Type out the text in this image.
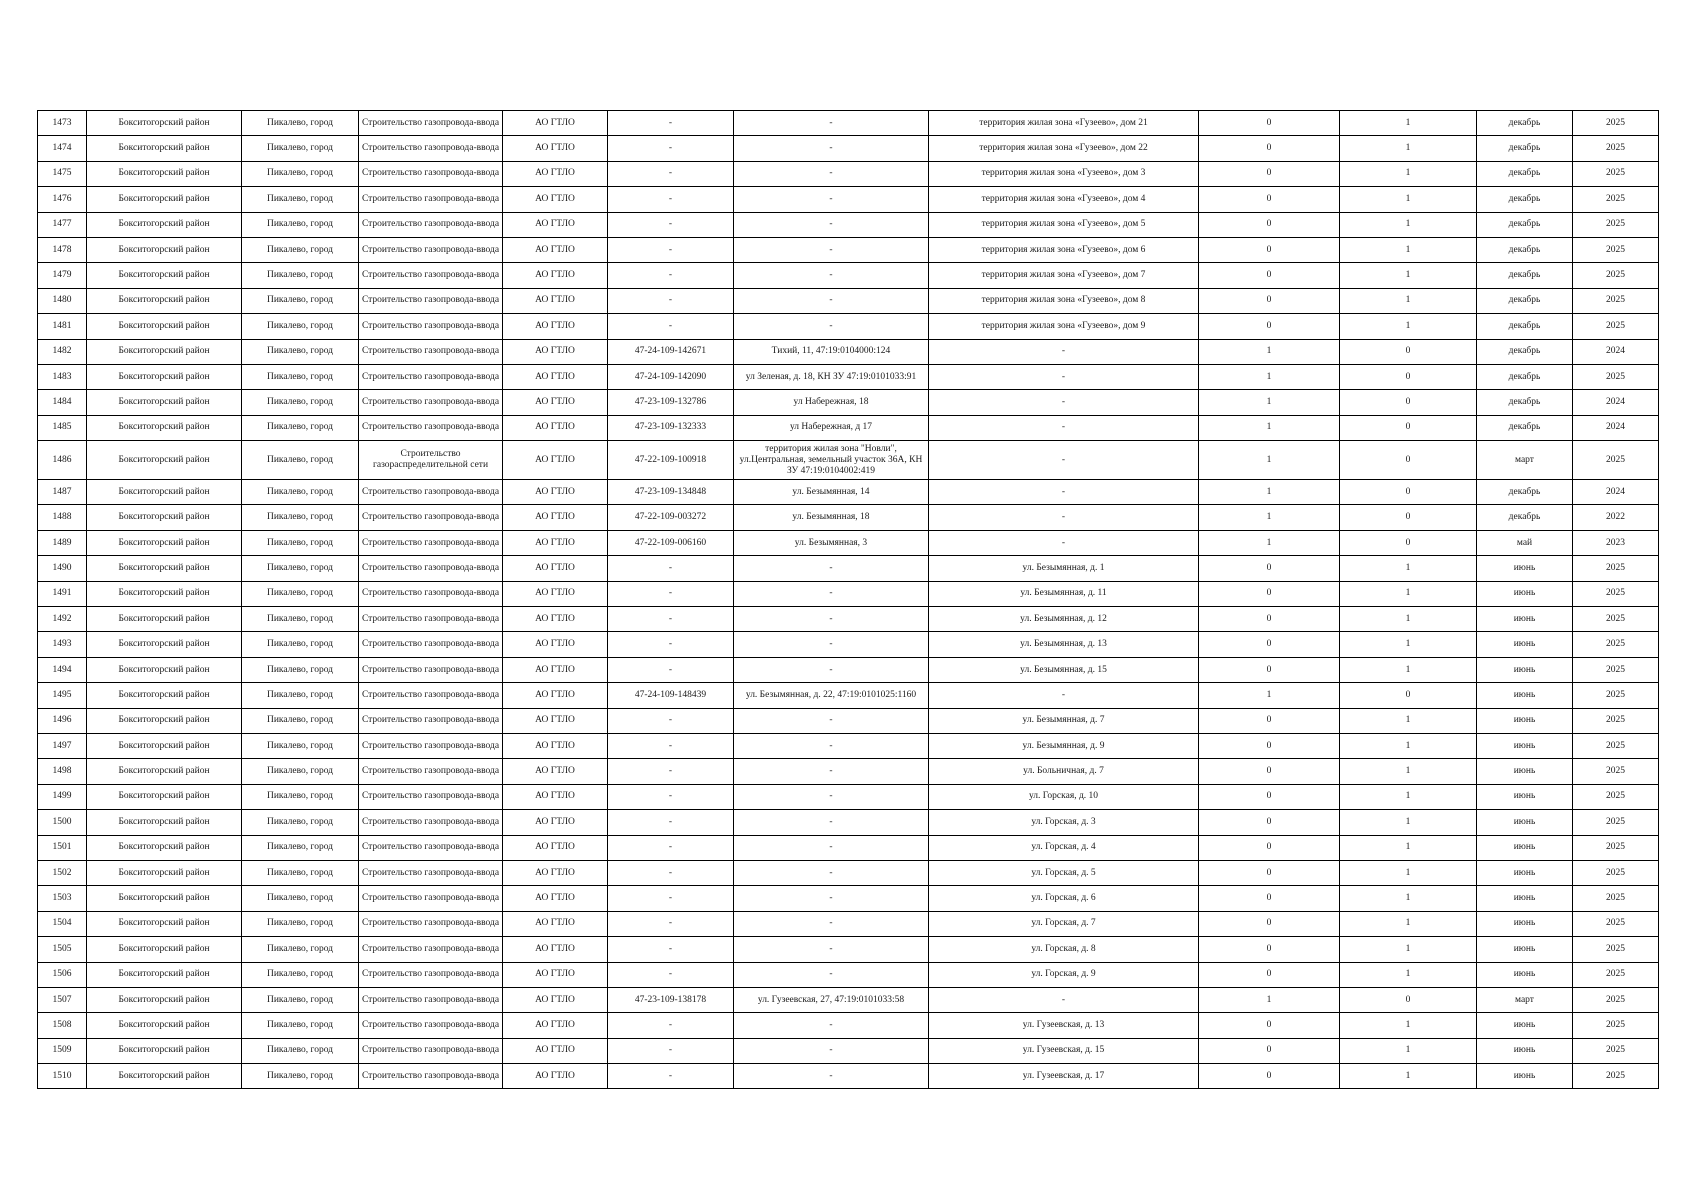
1473	Бокситогорский район	Пикалево, город	Строительство газопровода-ввода	АО ГТЛО	-	-	территория жилая зона «Гузеево», дом 21	0	1	декабрь	2025
1474	Бокситогорский район	Пикалево, город	Строительство газопровода-ввода	АО ГТЛО	-	-	территория жилая зона «Гузеево», дом 22	0	1	декабрь	2025
1475	Бокситогорский район	Пикалево, город	Строительство газопровода-ввода	АО ГТЛО	-	-	территория жилая зона «Гузеево», дом 3	0	1	декабрь	2025
1476	Бокситогорский район	Пикалево, город	Строительство газопровода-ввода	АО ГТЛО	-	-	территория жилая зона «Гузеево», дом 4	0	1	декабрь	2025
1477	Бокситогорский район	Пикалево, город	Строительство газопровода-ввода	АО ГТЛО	-	-	территория жилая зона «Гузеево», дом 5	0	1	декабрь	2025
1478	Бокситогорский район	Пикалево, город	Строительство газопровода-ввода	АО ГТЛО	-	-	территория жилая зона «Гузеево», дом 6	0	1	декабрь	2025
1479	Бокситогорский район	Пикалево, город	Строительство газопровода-ввода	АО ГТЛО	-	-	территория жилая зона «Гузеево», дом 7	0	1	декабрь	2025
1480	Бокситогорский район	Пикалево, город	Строительство газопровода-ввода	АО ГТЛО	-	-	территория жилая зона «Гузеево», дом 8	0	1	декабрь	2025
1481	Бокситогорский район	Пикалево, город	Строительство газопровода-ввода	АО ГТЛО	-	-	территория жилая зона «Гузеево», дом 9	0	1	декабрь	2025
1482	Бокситогорский район	Пикалево, город	Строительство газопровода-ввода	АО ГТЛО	47-24-109-142671	Тихий, 11, 47:19:0104000:124	-	1	0	декабрь	2024
1483	Бокситогорский район	Пикалево, город	Строительство газопровода-ввода	АО ГТЛО	47-24-109-142090	ул Зеленая, д. 18, КН ЗУ 47:19:0101033:91	-	1	0	декабрь	2025
1484	Бокситогорский район	Пикалево, город	Строительство газопровода-ввода	АО ГТЛО	47-23-109-132786	ул Набережная, 18	-	1	0	декабрь	2024
1485	Бокситогорский район	Пикалево, город	Строительство газопровода-ввода	АО ГТЛО	47-23-109-132333	ул Набережная, д 17	-	1	0	декабрь	2024
1486	Бокситогорский район	Пикалево, город	Строительство газораспределительной сети	АО ГТЛО	47-22-109-100918	территория жилая зона "Новли", ул.Центральная, земельный участок 36А, КН ЗУ 47:19:0104002:419	-	1	0	март	2025
1487	Бокситогорский район	Пикалево, город	Строительство газопровода-ввода	АО ГТЛО	47-23-109-134848	ул. Безымянная, 14	-	1	0	декабрь	2024
1488	Бокситогорский район	Пикалево, город	Строительство газопровода-ввода	АО ГТЛО	47-22-109-003272	ул. Безымянная, 18	-	1	0	декабрь	2022
1489	Бокситогорский район	Пикалево, город	Строительство газопровода-ввода	АО ГТЛО	47-22-109-006160	ул. Безымянная, 3	-	1	0	май	2023
1490	Бокситогорский район	Пикалево, город	Строительство газопровода-ввода	АО ГТЛО	-	-	ул. Безымянная, д. 1	0	1	июнь	2025
1491	Бокситогорский район	Пикалево, город	Строительство газопровода-ввода	АО ГТЛО	-	-	ул. Безымянная, д. 11	0	1	июнь	2025
1492	Бокситогорский район	Пикалево, город	Строительство газопровода-ввода	АО ГТЛО	-	-	ул. Безымянная, д. 12	0	1	июнь	2025
1493	Бокситогорский район	Пикалево, город	Строительство газопровода-ввода	АО ГТЛО	-	-	ул. Безымянная, д. 13	0	1	июнь	2025
1494	Бокситогорский район	Пикалево, город	Строительство газопровода-ввода	АО ГТЛО	-	-	ул. Безымянная, д. 15	0	1	июнь	2025
1495	Бокситогорский район	Пикалево, город	Строительство газопровода-ввода	АО ГТЛО	47-24-109-148439	ул. Безымянная, д. 22, 47:19:0101025:1160	-	1	0	июнь	2025
1496	Бокситогорский район	Пикалево, город	Строительство газопровода-ввода	АО ГТЛО	-	-	ул. Безымянная, д. 7	0	1	июнь	2025
1497	Бокситогорский район	Пикалево, город	Строительство газопровода-ввода	АО ГТЛО	-	-	ул. Безымянная, д. 9	0	1	июнь	2025
1498	Бокситогорский район	Пикалево, город	Строительство газопровода-ввода	АО ГТЛО	-	-	ул. Больничная, д. 7	0	1	июнь	2025
1499	Бокситогорский район	Пикалево, город	Строительство газопровода-ввода	АО ГТЛО	-	-	ул. Горская, д. 10	0	1	июнь	2025
1500	Бокситогорский район	Пикалево, город	Строительство газопровода-ввода	АО ГТЛО	-	-	ул. Горская, д. 3	0	1	июнь	2025
1501	Бокситогорский район	Пикалево, город	Строительство газопровода-ввода	АО ГТЛО	-	-	ул. Горская, д. 4	0	1	июнь	2025
1502	Бокситогорский район	Пикалево, город	Строительство газопровода-ввода	АО ГТЛО	-	-	ул. Горская, д. 5	0	1	июнь	2025
1503	Бокситогорский район	Пикалево, город	Строительство газопровода-ввода	АО ГТЛО	-	-	ул. Горская, д. 6	0	1	июнь	2025
1504	Бокситогорский район	Пикалево, город	Строительство газопровода-ввода	АО ГТЛО	-	-	ул. Горская, д. 7	0	1	июнь	2025
1505	Бокситогорский район	Пикалево, город	Строительство газопровода-ввода	АО ГТЛО	-	-	ул. Горская, д. 8	0	1	июнь	2025
1506	Бокситогорский район	Пикалево, город	Строительство газопровода-ввода	АО ГТЛО	-	-	ул. Горская, д. 9	0	1	июнь	2025
1507	Бокситогорский район	Пикалево, город	Строительство газопровода-ввода	АО ГТЛО	47-23-109-138178	ул. Гузеевская, 27, 47:19:0101033:58	-	1	0	март	2025
1508	Бокситогорский район	Пикалево, город	Строительство газопровода-ввода	АО ГТЛО	-	-	ул. Гузеевская, д. 13	0	1	июнь	2025
1509	Бокситогорский район	Пикалево, город	Строительство газопровода-ввода	АО ГТЛО	-	-	ул. Гузеевская, д. 15	0	1	июнь	2025
1510	Бокситогорский район	Пикалево, город	Строительство газопровода-ввода	АО ГТЛО	-	-	ул. Гузеевская, д. 17	0	1	июнь	2025
